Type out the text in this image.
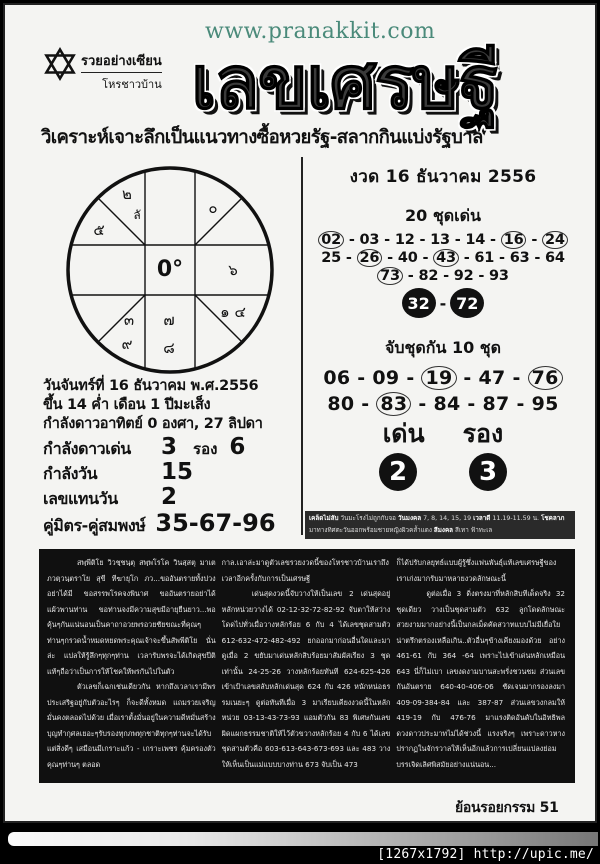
www.pranakkit.com
รวยอย่างเซียน
โหรชาวบ้าน เลขเศรษฐี
วิเคราะห์เจาะลึกเป็นแนวทางซื้อหวยรัฐ-สลากกินแบ่งรัฐบาล
๒
ลั
๕
๐
0°	๖
๑ ๔
๓
๙
๗
๘
วันจันทร์ที่ 16 ธันวาคม พ.ศ.2556
ขึ้น 14 ค่ำ เดือน 1 ปีมะเส็ง
กำลังดาวอาทิตย์ 0 องศา, 27 ลิปดา
กำลังดาวเด่น	3 รอง 6
กำลังวัน	15
เลขแทนวัน	2
คู่มิตร-คู่สมพงษ์ 35-67-96
งวด 16 ธันวาคม 2556
20 ชุดเด่น
02 - 03 - 12 - 13 - 14 - 16 - 24
25 - 26 - 40 - 43 - 61 - 63 - 64
73 - 82 - 92 - 93
32 - 72
จับชุดกัน 10 ชุด
06 - 09 - 19 - 47 - 76
80 - 83 - 84 - 87 - 95
เด่น รอง
2	3
เคล็ดไม่ลับ วันมะโรงไม่ถูกกับจอ วันมงคล 7, 8, 14, 15, 19 เวลาดี 11.19-11.59 น. โชคลาภ มาทางทิศตะวันออกพร้อมชายหญิงผิวคล้ำแดง สีมงคล สีเทา ฟ้าทะเล

สพฺพีติโย วิวชฺชนฺตุ สพฺพโรโค วินสฺสตุ มาเต ภวตฺวนฺตราโย สุขี ทีฆายุโก ภว...ขออันตรายทั้งปวงอย่าได้มี ขอสรรพโรคจงพินาศ ขออันตรายอย่าได้แผ้วพานท่าน ขอท่านจงมีความสุขมีอายุยืนยาว...พอคุ้นๆกันแน่นอนเป็นคาถาอวยพรอวยชัยขณะที่คุณๆท่านๆกรวดน้ำหมดหยดพระคุณเจ้าจะขึ้นสัพพีติโย นั่นล่ะ แปลให้รู้ลึกๆทุกๆท่าน เวลารับพรจะได้เกิดสุขปีติแท้ๆถือว่าเป็นการให้โชคให้พรกันไปในตัว

ตัวเลขก็เฉกเช่นเดียวกัน หากถึงเวลาเรามีพรประเสริฐอยู่กับตัวอะไรๆ ก็จะดีทั้งหมด แถมรวยเจริญมั่นคงตลอดไปด้วย เมื่อเราตั้งมั่นอยู่ในความดีหมั่นสร้างบุญทำกุศลเยอะๆรับรองทุกภพทุกชาติทุกๆท่านจะได้รับแต่สิ่งดีๆ เสมือนมีเกราะแก้ว - เกราะเพชร คุ้มครองตัวคุณๆท่านๆ ตลอด

กาล.เอาล่ะมาดูตัวเลขรวยงวดนี้ของโหรชาวบ้านเราถึงเวลาอีกครั้งกับการเป็นเศรษฐี

เด่นสุดงวดนี้จับวางให้เป็นเลข 2 เด่นสุดอยู่หลักหน่วยวางได้ 02-12-32-72-82-92 จับตาให้สว่างโดดไปทั่วเมื่อวางหลักร้อย 6 กับ 4 ได้เลขชุดสามตัว 612-632-472-482-492 ยกออกมาก่อนอื่นใดและมาดูเมื่อ 2 ขยับมาเด่นหลักสิบร้อยมาสัมผัสเรียง 3 ชุดเท่านั้น 24-25-26 วางหลักร้อยทันที 624-625-426 เข้าเป้าเลขสลับหลักเด่นสุด 624 กับ 426 หนักหน่อธรรมเนยะๆ ดูต่อทันทีเมื่อ 3 มาเรียบเคียงงวดนี้ในหลักหน่วย 03-13-43-73-93 แอมตัวกัน 83 พิเศษกันเลขผิดแผกธรรมชาติให้ไว้ตัวขวางหลักร้อย 4 กับ 6 ได้เลขชุดสามตัวคือ 603-613-643-673-693 และ 483 วางให้เห็นเป็นแม่แบบบางท่าน 673 จับเป็น 473

ก็ได้ปรับกลยุทธ์แบบผู้รู้ซึ่งแฟนพันธุ์แท้เลขเศรษฐีของเราเก่งมากรับมาหลายงวดลักษณะนี้

ดูต่อเมื่อ 3 ดิ่งตรงมาที่หลักสิบทีเด็ดจริง 32 ชุดเดียว วางเป็นชุดสามตัว 632 ลูกโดดลักษณะสวยงามมากอย่างนี้เป็นกลเม็ดคัดสวาทแบบไม่มีเยื่อใยน่าตรึกตรองเหลือเกิน..ตัวอื่นๆข้างเคียงมองด้วย อย่าง 461-61 กับ 364 -64 เพราะไปเข้าเด่นหลักเหมือน 643 นี่ก็ไม่เบา เลขงดงามบานสะพรั่งชวนชม ส่วนเลขกันอันตราย 640-40-406-06 ชัดเจนมากรองลงมา 409-09-384-84 และ 387-87 ส่วนเลขวงกลมให้ 419-19 กับ 476-76 มาแรงติดอันดับในอิทธิพลดวงดาวประมาทไม่ได้ช่วงนี้ แรงจริงๆ เพราะดาวหางปรากฏในจักรวาลให้เห็นอีกแล้วการเปลี่ยนแปลงย่อมบรรเจิดเลิศพิสมัยอย่างแน่นอน...

ย้อนรอยกรรม 51
[1267x1792] http://upic.me/
